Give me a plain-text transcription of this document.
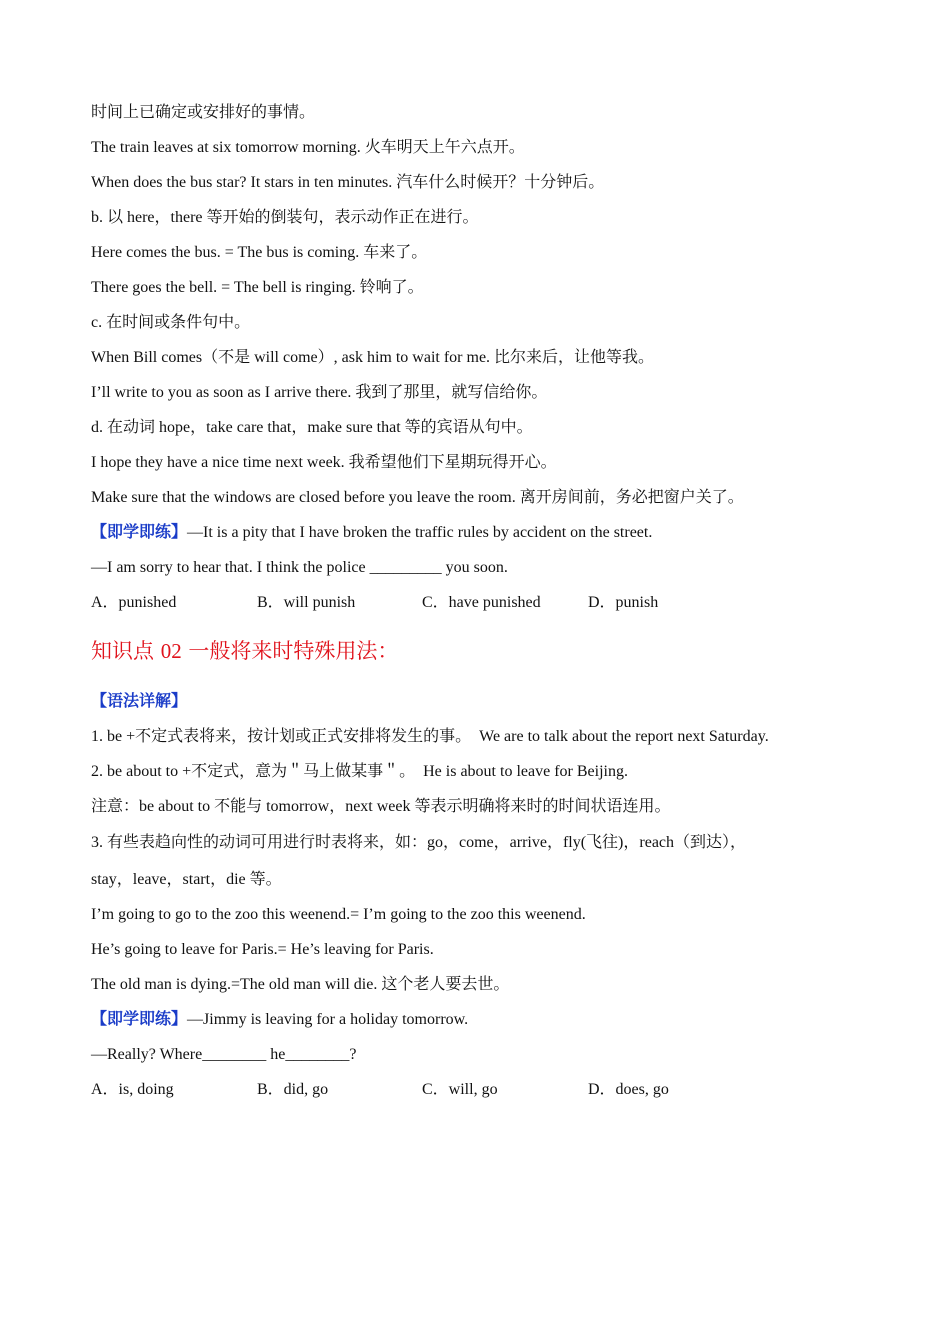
时间上已确定或安排好的事情。
The train leaves at six tomorrow morning. 火车明天上午六点开。
When does the bus star? It stars in ten minutes. 汽车什么时候开？十分钟后。
b. 以 here，there 等开始的倒装句，表示动作正在进行。
Here comes the bus. = The bus is coming. 车来了。
There goes the bell. = The bell is ringing. 铃响了。
c. 在时间或条件句中。
When Bill comes（不是 will come）, ask him to wait for me. 比尔来后，让他等我。
I’ll write to you as soon as I arrive there. 我到了那里，就写信给你。
d. 在动词 hope，take care that，make sure that 等的宾语从句中。
I hope they have a nice time next week. 我希望他们下星期玩得开心。
Make sure that the windows are closed before you leave the room. 离开房间前，务必把窗户关了。
【即学即练】—It is a pity that I have broken the traffic rules by accident on the street.
—I am sorry to hear that. I think the police _________ you soon.
A．punished	B．will punish	C．have punished	D．punish
知识点 02 一般将来时特殊用法：
【语法详解】
1. be +不定式表将来，按计划或正式安排将发生的事。　We are to talk about the report next Saturday.
2. be about to +不定式，意为＂马上做某事＂。　He is about to leave for Beijing.
注意：be about to 不能与 tomorrow，next week 等表示明确将来时的时间状语连用。
3. 有些表趋向性的动词可用进行时表将来，如：go，come，arrive，fly(飞往)，reach（到达），
stay，leave，start，die 等。
I’m going to go to the zoo this weenend.= I’m going to the zoo this weenend.
He’s going to leave for Paris.= He’s leaving for Paris.
The old man is dying.=The old man will die. 这个老人要去世。
【即学即练】—Jimmy is leaving for a holiday tomorrow.
—Really? Where________ he________?
A．is, doing	B．did, go	C．will, go	D．does, go
